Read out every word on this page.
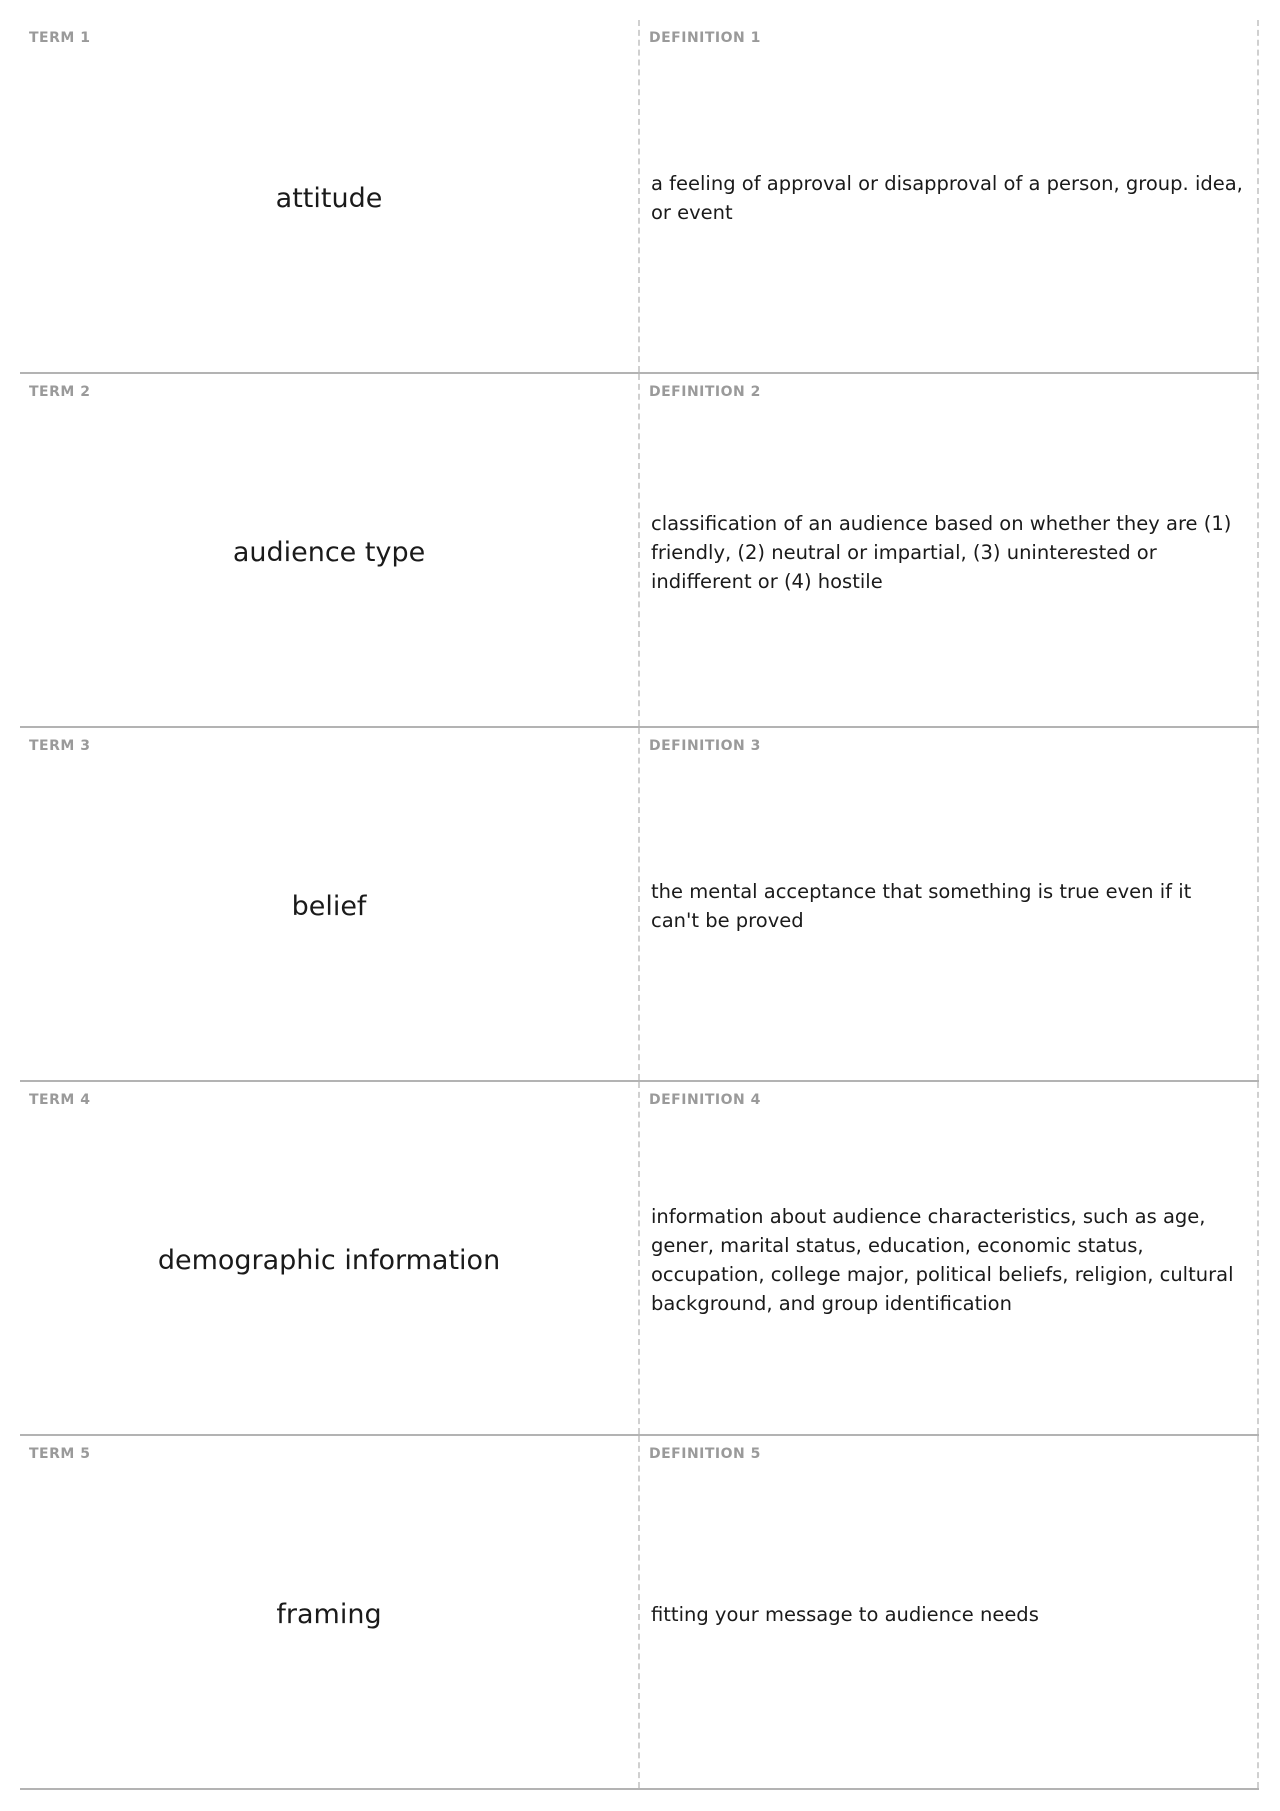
TERM 1
attitude
DEFINITION 1
a feeling of approval or disapproval of a person, group. idea, or event
TERM 2
audience type
DEFINITION 2
classification of an audience based on whether they are (1) friendly, (2) neutral or impartial, (3) uninterested or indifferent or (4) hostile
TERM 3
belief
DEFINITION 3
the mental acceptance that something is true even if it can't be proved
TERM 4
demographic information
DEFINITION 4
information about audience characteristics, such as age, gener, marital status, education, economic status, occupation, college major, political beliefs, religion, cultural background, and group identification
TERM 5
framing
DEFINITION 5
fitting your message to audience needs
